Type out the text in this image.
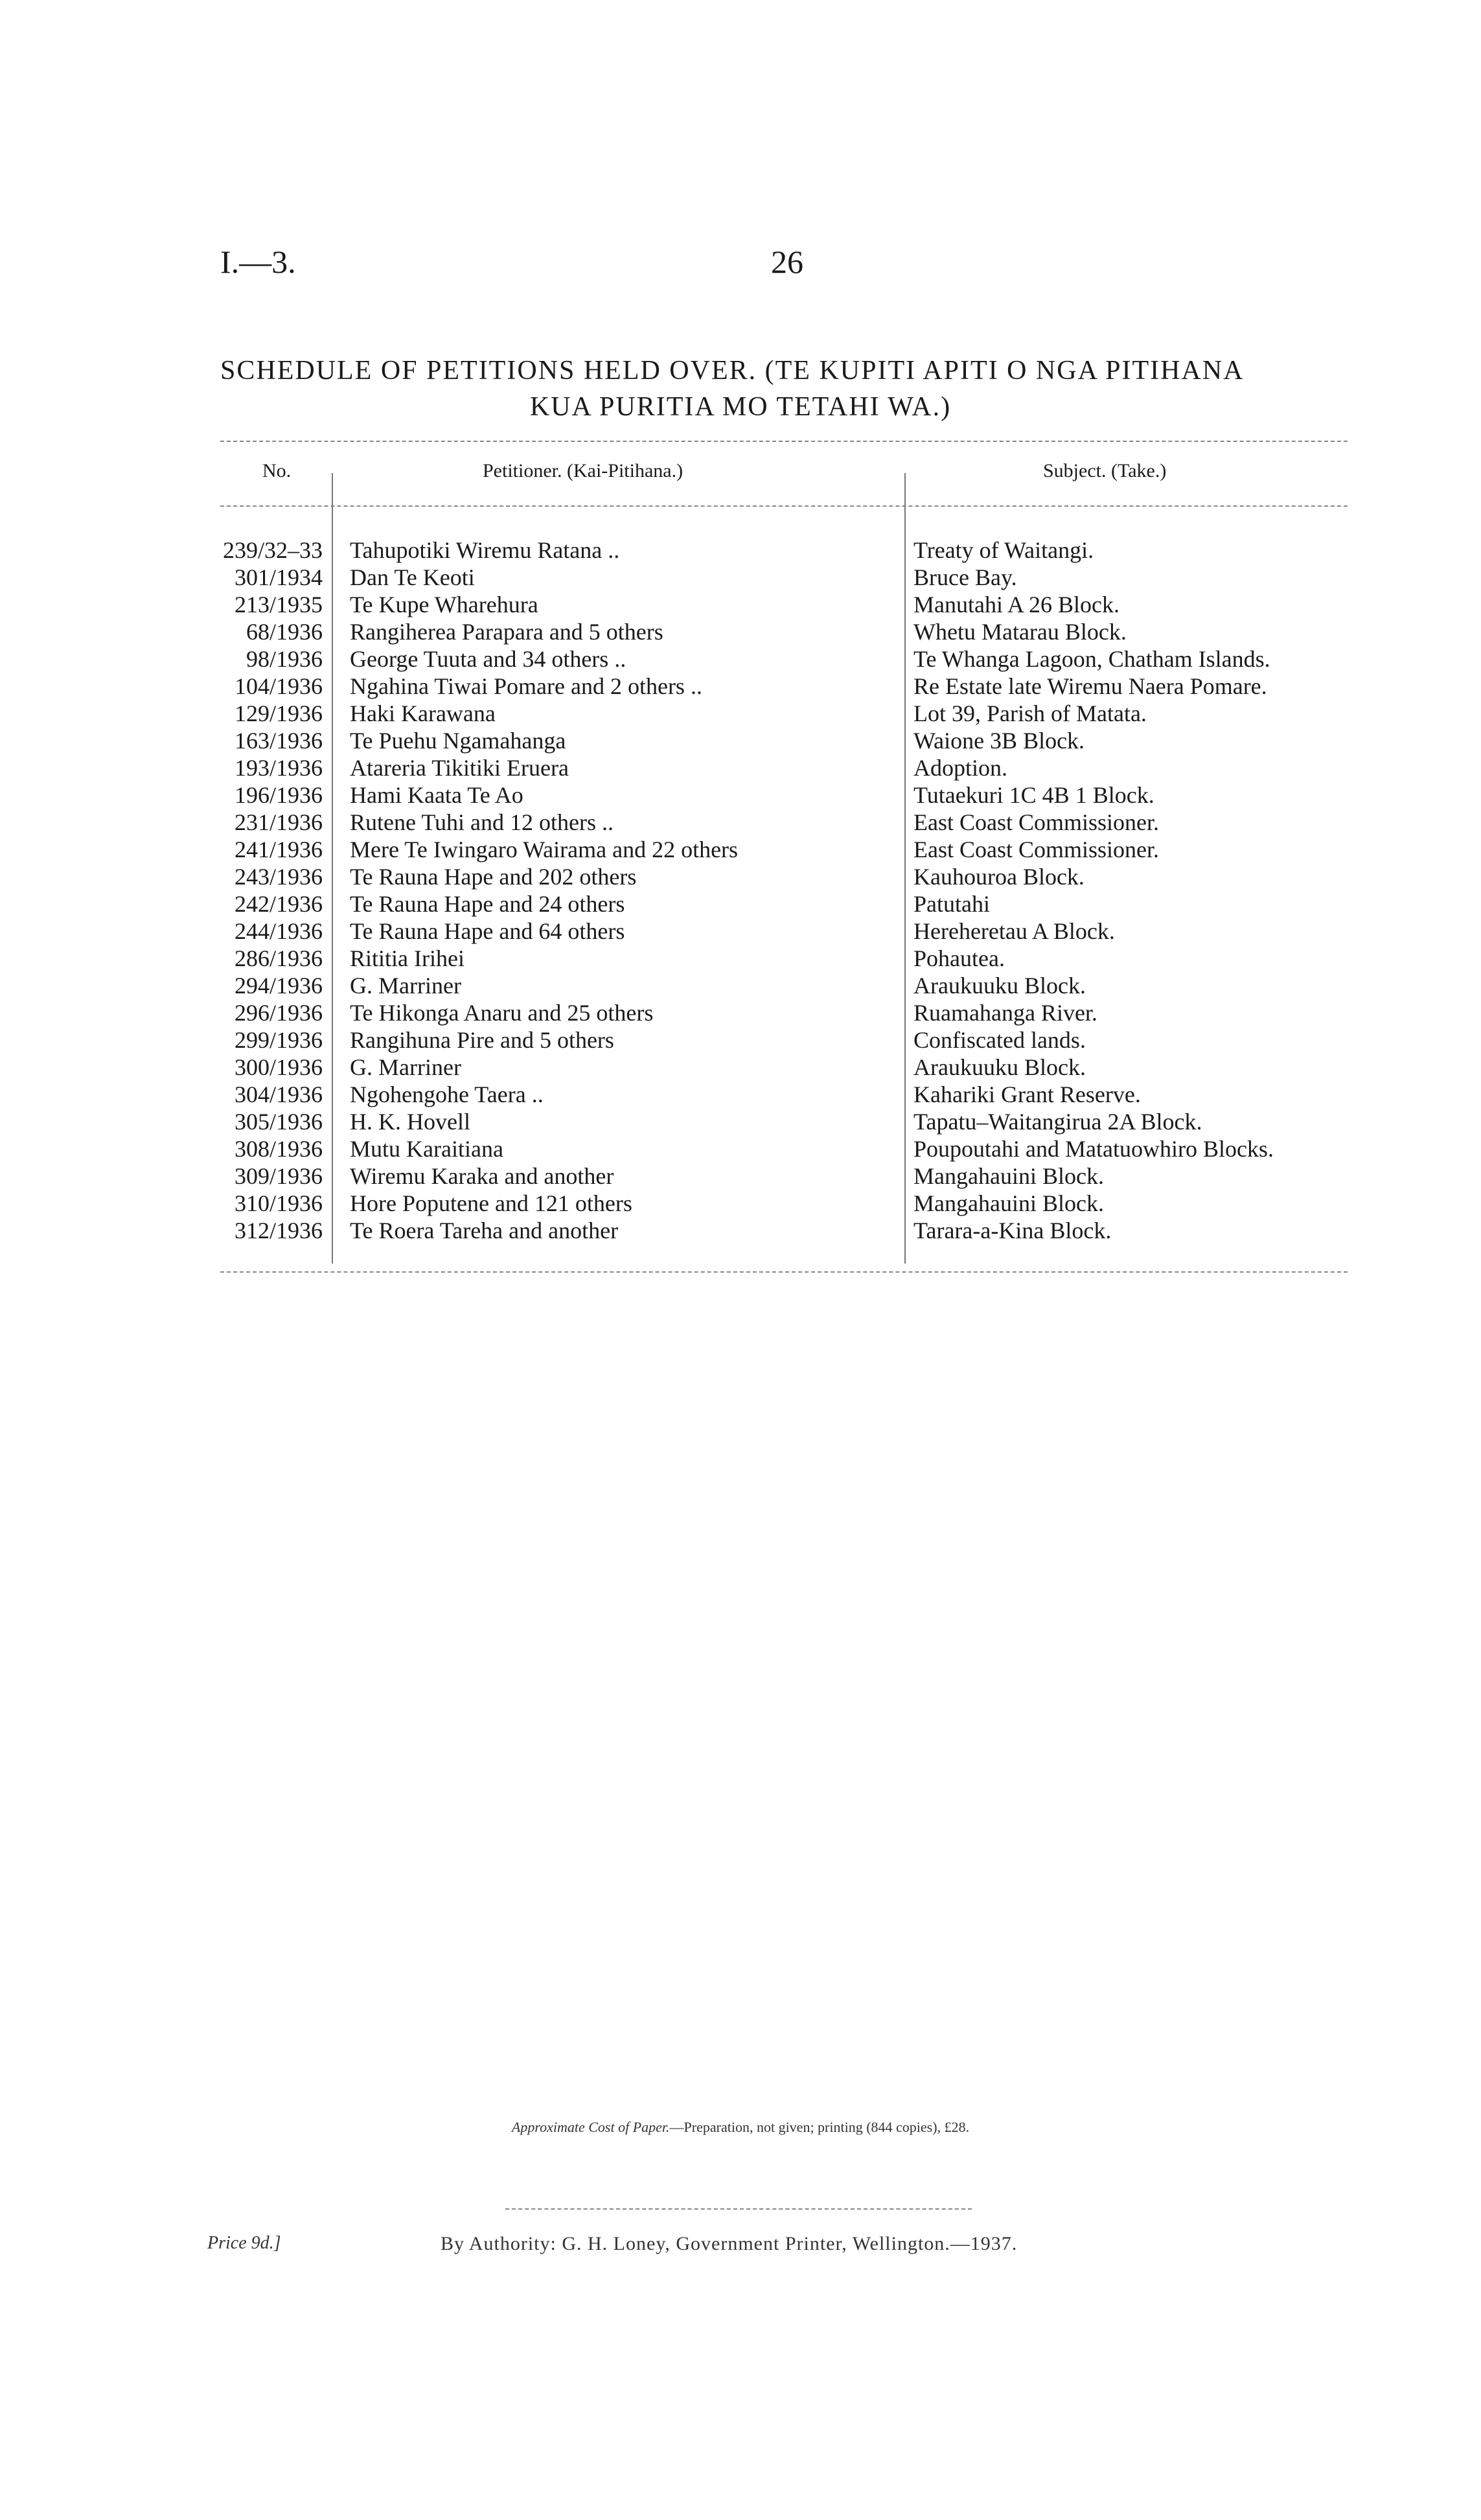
I.—3.	26
SCHEDULE OF PETITIONS HELD OVER. (TE KUPITI APITI O NGA PITIHANA
KUA PURITIA MO TETAHI WA.)
No.	Petitioner. (Kai-Pitihana.)	Subject. (Take.)
239/32–33 Tahupotiki Wiremu Ratana ..	Treaty of Waitangi.
301/1934 Dan Te Keoti	Bruce Bay.
213/1935 Te Kupe Wharehura	Manutahi A 26 Block.
68/1936 Rangiherea Parapara and 5 others	Whetu Matarau Block.
98/1936 George Tuuta and 34 others ..	Te Whanga Lagoon, Chatham Islands.
104/1936 Ngahina Tiwai Pomare and 2 others ..	Re Estate late Wiremu Naera Pomare.
129/1936 Haki Karawana	Lot 39, Parish of Matata.
163/1936 Te Puehu Ngamahanga	Waione 3B Block.
193/1936 Atareria Tikitiki Eruera	Adoption.
196/1936 Hami Kaata Te Ao	Tutaekuri 1C 4B 1 Block.
231/1936 Rutene Tuhi and 12 others ..	East Coast Commissioner.
241/1936 Mere Te Iwingaro Wairama and 22 others	East Coast Commissioner.
243/1936 Te Rauna Hape and 202 others	Kauhouroa Block.
242/1936 Te Rauna Hape and 24 others	Patutahi
244/1936 Te Rauna Hape and 64 others	Hereheretau A Block.
286/1936 Rititia Irihei	Pohautea.
294/1936 G. Marriner	Araukuuku Block.
296/1936 Te Hikonga Anaru and 25 others	Ruamahanga River.
299/1936 Rangihuna Pire and 5 others	Confiscated lands.
300/1936 G. Marriner	Araukuuku Block.
304/1936 Ngohengohe Taera ..	Kahariki Grant Reserve.
305/1936 H. K. Hovell	Tapatu–Waitangirua 2A Block.
308/1936 Mutu Karaitiana	Poupoutahi and Matatuowhiro Blocks.
309/1936 Wiremu Karaka and another	Mangahauini Block.
310/1936 Hore Poputene and 121 others	Mangahauini Block.
312/1936 Te Roera Tareha and another	Tarara-a-Kina Block.
Approximate Cost of Paper.—Preparation, not given; printing (844 copies), £28.
Price 9d.]	By Authority: G. H. Loney, Government Printer, Wellington.—1937.
